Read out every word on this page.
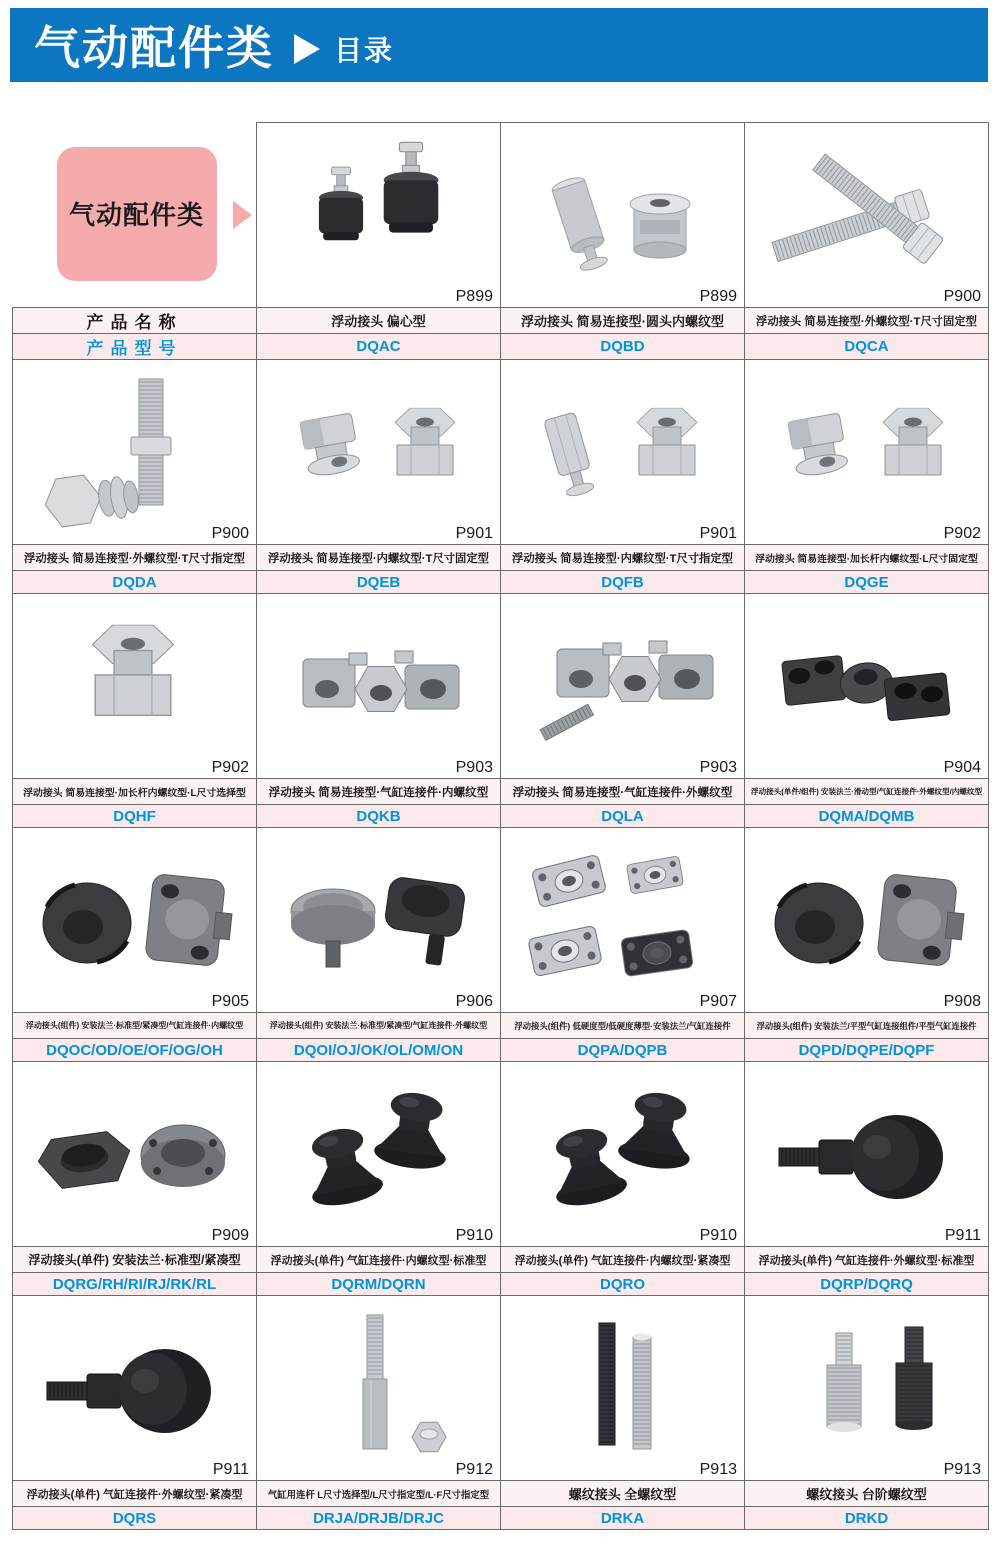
气动配件类 目录
气动配件类	P899	P899	P900

产品名称	浮动接头 偏心型	浮动接头 简易连接型·圆头内螺纹型	浮动接头 简易连接型·外螺纹型·T尺寸固定型
产品型号	DQAC	DQBD	DQCA

P900	P901	P901	P902

浮动接头 简易连接型·外螺纹型·T尺寸指定型	浮动接头 简易连接型·内螺纹型·T尺寸固定型	浮动接头 简易连接型·内螺纹型·T尺寸指定型	浮动接头 简易连接型·加长杆内螺纹型·L尺寸固定型
DQDA	DQEB	DQFB	DQGE

P902	P903	P903	P904

浮动接头 简易连接型·加长杆内螺纹型·L尺寸选择型	浮动接头 简易连接型·气缸连接件·内螺纹型	浮动接头 简易连接型·气缸连接件·外螺纹型	浮动接头(单件/组件) 安装法兰·滑动型/气缸连接件·外螺纹型/内螺纹型
DQHF	DQKB	DQLA	DQMA/DQMB

P905	P906	P907	P908

浮动接头(组件) 安装法兰·标准型/紧凑型/气缸连接件·内螺纹型	浮动接头(组件) 安装法兰·标准型/紧凑型/气缸连接件·外螺纹型	浮动接头(组件) 低硬度型/低硬度薄型·安装法兰/气缸连接件	浮动接头(组件) 安装法兰/平型气缸连接组件/平型气缸连接件
DQOC/OD/OE/OF/OG/OH	DQOI/OJ/OK/OL/OM/ON	DQPA/DQPB	DQPD/DQPE/DQPF

P909	P910	P910	P911

浮动接头(单件) 安装法兰·标准型/紧凑型	浮动接头(单件) 气缸连接件·内螺纹型·标准型	浮动接头(单件) 气缸连接件·内螺纹型·紧凑型	浮动接头(单件) 气缸连接件·外螺纹型·标准型
DQRG/RH/RI/RJ/RK/RL	DQRM/DQRN	DQRO	DQRP/DQRQ

P911	P912	P913	P913

浮动接头(单件) 气缸连接件·外螺纹型·紧凑型	气缸用连杆 L尺寸选择型/L尺寸指定型/L·F尺寸指定型	螺纹接头 全螺纹型	螺纹接头 台阶螺纹型
DQRS	DRJA/DRJB/DRJC	DRKA	DRKD
